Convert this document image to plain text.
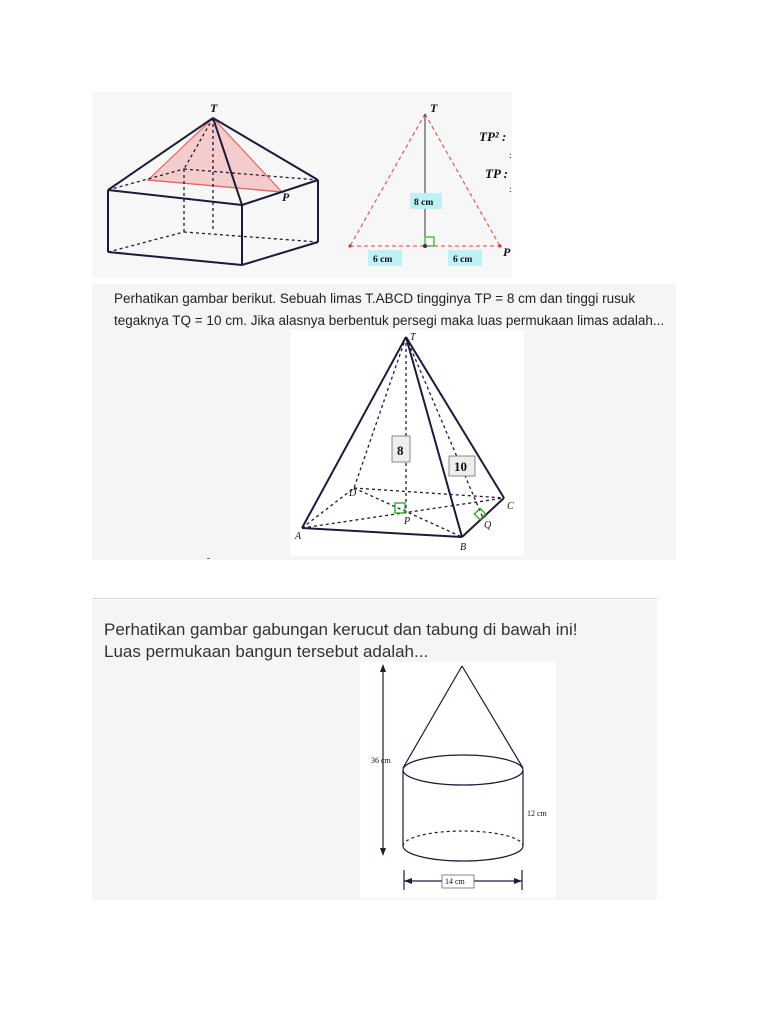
T
P
T
P
8 cm
6 cm	6 cm
TP² :
:
TP :
:
Perhatikan gambar berikut. Sebuah limas T.ABCD tingginya TP = 8 cm dan tinggi rusuk
tegaknya TQ = 10 cm. Jika alasnya berbentuk persegi maka luas permukaan limas adalah...
8
10
T
A
B
C
D
P	Q
Perhatikan gambar gabungan kerucut dan tabung di bawah ini!
Luas permukaan bangun tersebut adalah...
36 cm
12 cm
14 cm
